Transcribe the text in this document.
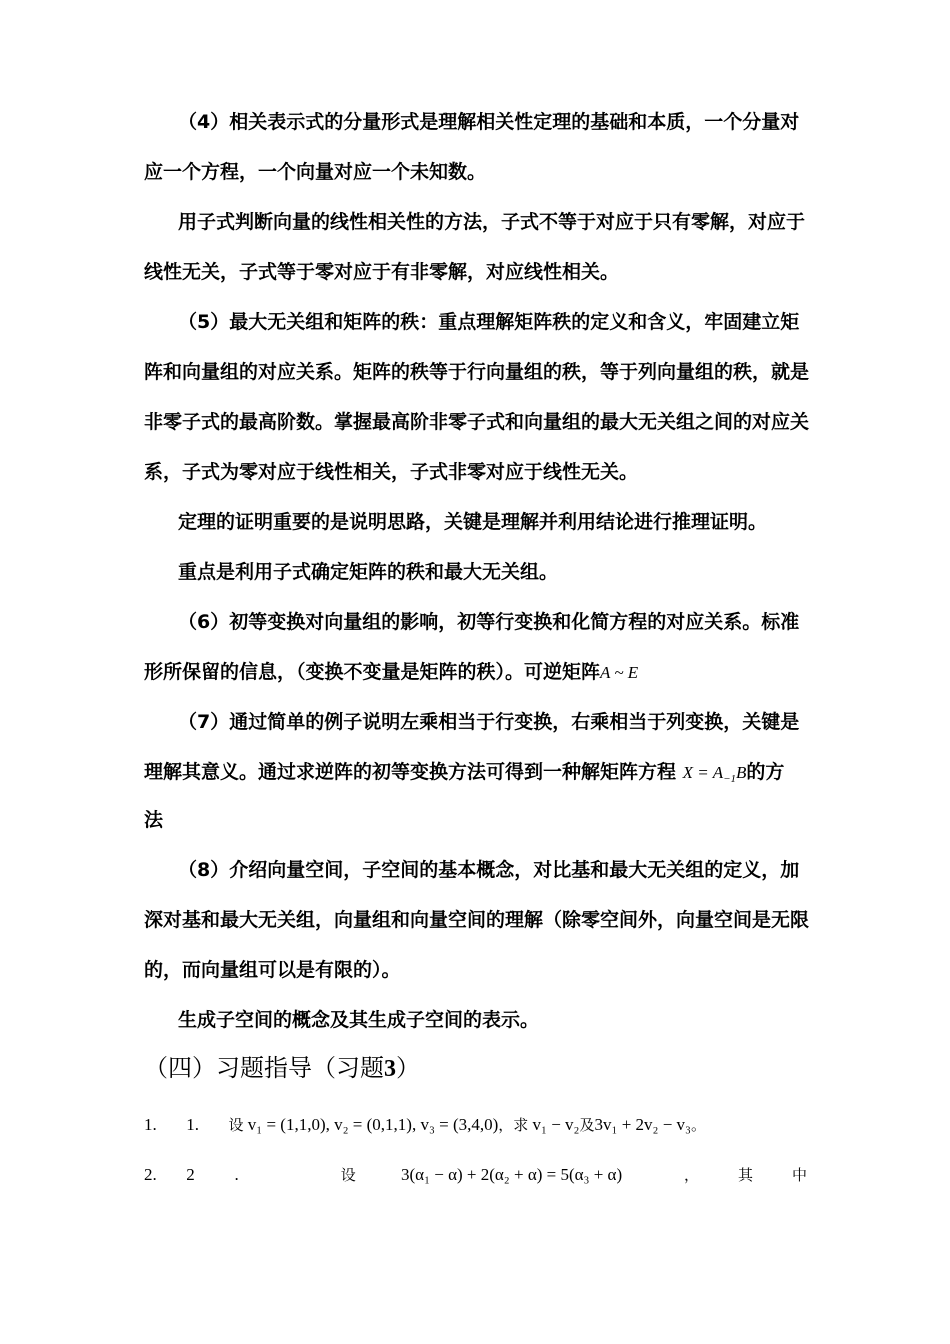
（4）相关表示式的分量形式是理解相关性定理的基础和本质，一个分量对
应一个方程，一个向量对应一个未知数。
用子式判断向量的线性相关性的方法，子式不等于对应于只有零解，对应于
线性无关，子式等于零对应于有非零解，对应线性相关。
（5）最大无关组和矩阵的秩：重点理解矩阵秩的定义和含义，牢固建立矩
阵和向量组的对应关系。矩阵的秩等于行向量组的秩，等于列向量组的秩，就是
非零子式的最高阶数。掌握最高阶非零子式和向量组的最大无关组之间的对应关
系，子式为零对应于线性相关，子式非零对应于线性无关。
定理的证明重要的是说明思路，关键是理解并利用结论进行推理证明。
重点是利用子式确定矩阵的秩和最大无关组。
（6）初等变换对向量组的影响，初等行变换和化简方程的对应关系。标准
形所保留的信息，（变换不变量是矩阵的秩）。可逆矩阵A ~ E
（7）通过简单的例子说明左乘相当于行变换，右乘相当于列变换，关键是
理解其意义。通过求逆阵的初等变换方法可得到一种解矩阵方程 $X = A_{-1}B$的方
法
（8）介绍向量空间，子空间的基本概念，对比基和最大无关组的定义，加
深对基和最大无关组，向量组和向量空间的理解（除零空间外，向量空间是无限
的，而向量组可以是有限的）。
生成子空间的概念及其生成子空间的表示。
（四）习题指导（习题3）
1. 1. 设 v₁ = (1,1,0), v₂ = (0,1,1), v₃ = (3,4,0)，求 v₁ − v₂及3v₁ + 2v₂ − v₃。
2. 2 .	设	3(α₁ − α) + 2(α₂ + α) = 5(α₃ + α)	，	其	中
